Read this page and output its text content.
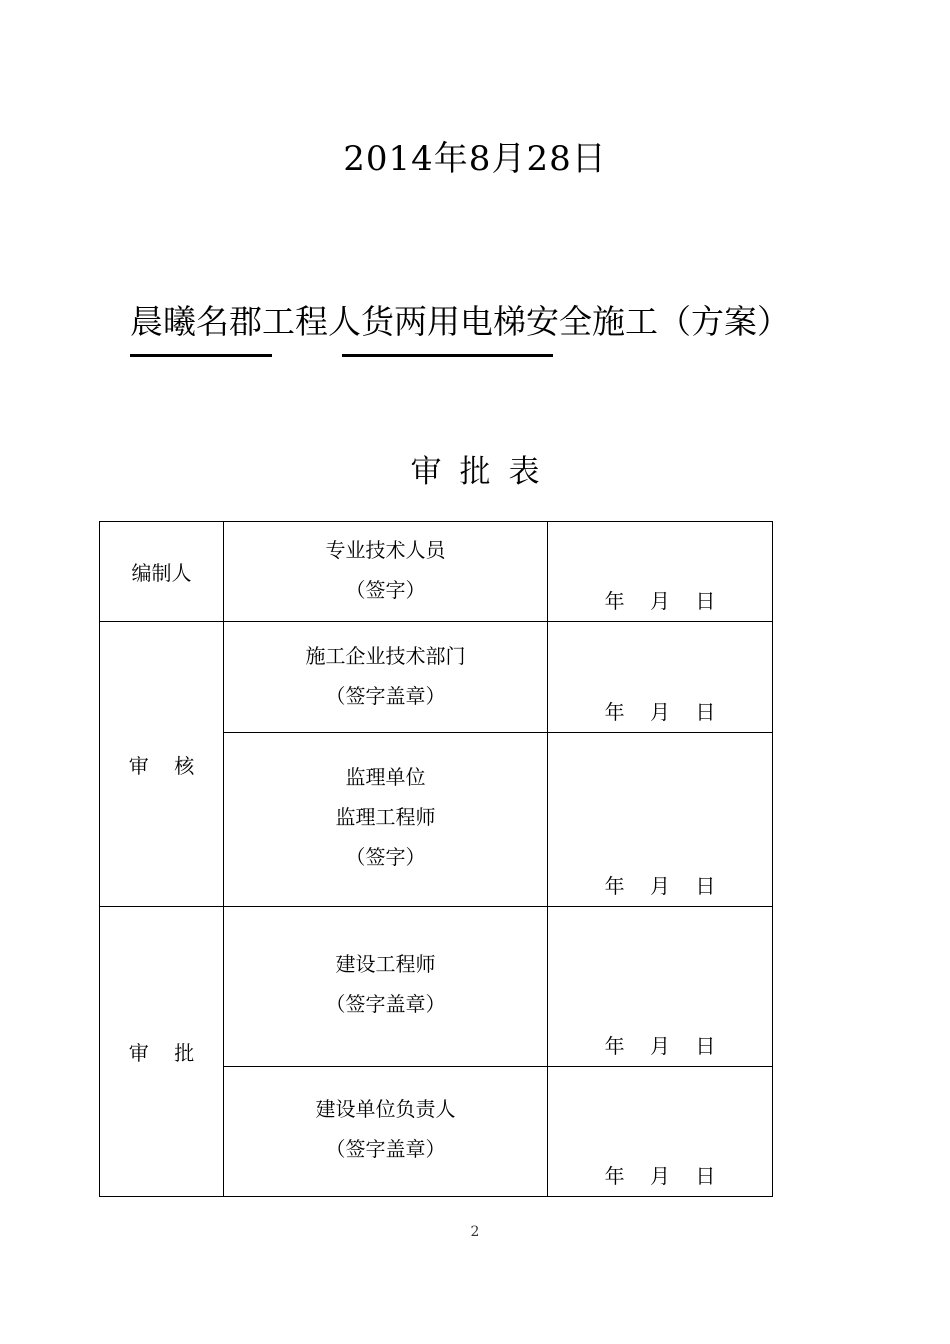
2014年8月28日
晨曦名郡工程人货两用电梯安全施工（方案）
审批表
编制人	专业技术人员
（签字）	年    月    日

审    核	施工企业技术部门
（签字盖章）	年    月    日

	监理单位
监理工程师
（签字）	年    月    日

审    批	建设工程师
（签字盖章）	年    月    日

	建设单位负责人
（签字盖章）	年    月    日
2
